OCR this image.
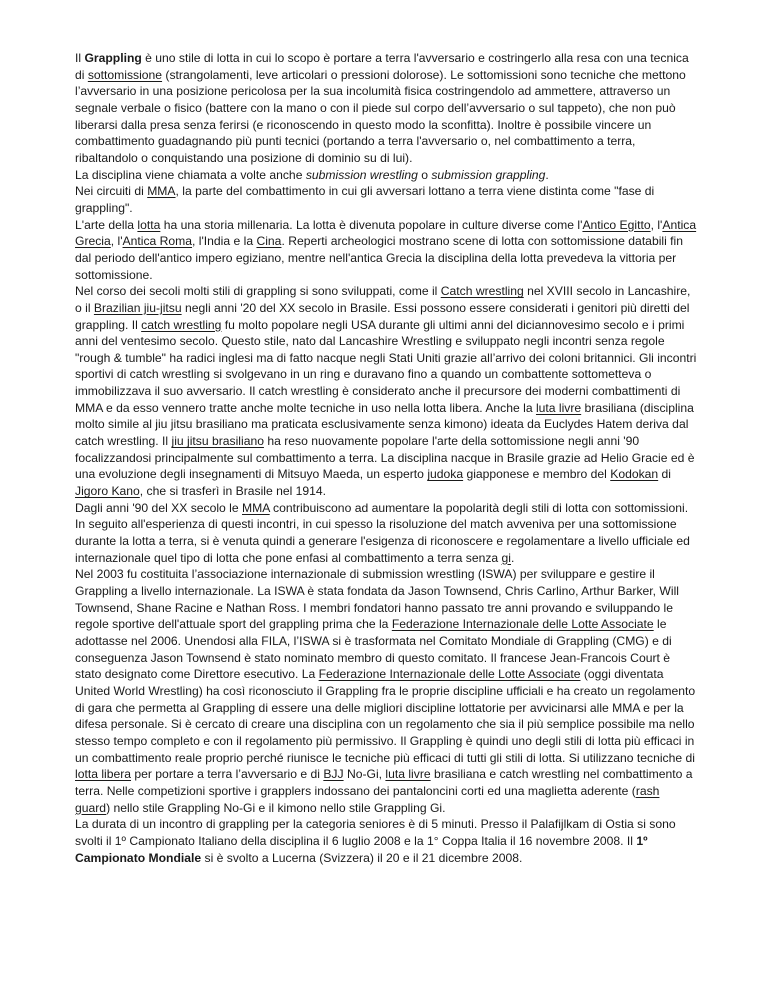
Il Grappling è uno stile di lotta in cui lo scopo è portare a terra l'avversario e costringerlo alla resa con una tecnica di sottomissione (strangolamenti, leve articolari o pressioni dolorose). Le sottomissioni sono tecniche che mettono l’avversario in una posizione pericolosa per la sua incolumità fisica costringendolo ad ammettere, attraverso un segnale verbale o fisico (battere con la mano o con il piede sul corpo dell’avversario o sul tappeto), che non può liberarsi dalla presa senza ferirsi (e riconoscendo in questo modo la sconfitta). Inoltre è possibile vincere un combattimento guadagnando più punti tecnici (portando a terra l'avversario o, nel combattimento a terra, ribaltandolo o conquistando una posizione di dominio su di lui).

La disciplina viene chiamata a volte anche submission wrestling o submission grappling.

Nei circuiti di MMA, la parte del combattimento in cui gli avversari lottano a terra viene distinta come "fase di grappling".

L'arte della lotta ha una storia millenaria. La lotta è divenuta popolare in culture diverse come l'Antico Egitto, l'Antica Grecia, l'Antica Roma, l'India e la Cina. Reperti archeologici mostrano scene di lotta con sottomissione databili fin dal periodo dell'antico impero egiziano, mentre nell'antica Grecia la disciplina della lotta prevedeva la vittoria per sottomissione.

Nel corso dei secoli molti stili di grappling si sono sviluppati, come il Catch wrestling nel XVIII secolo in Lancashire, o il Brazilian jiu-jitsu negli anni '20 del XX secolo in Brasile. Essi possono essere considerati i genitori più diretti del grappling. Il catch wrestling fu molto popolare negli USA durante gli ultimi anni del diciannovesimo secolo e i primi anni del ventesimo secolo. Questo stile, nato dal Lancashire Wrestling e sviluppato negli incontri senza regole "rough & tumble" ha radici inglesi ma di fatto nacque negli Stati Uniti grazie all’arrivo dei coloni britannici. Gli incontri sportivi di catch wrestling si svolgevano in un ring e duravano fino a quando un combattente sottometteva o immobilizzava il suo avversario. Il catch wrestling è considerato anche il precursore dei moderni combattimenti di MMA e da esso vennero tratte anche molte tecniche in uso nella lotta libera. Anche la luta livre brasiliana (disciplina molto simile al jiu jitsu brasiliano ma praticata esclusivamente senza kimono) ideata da Euclydes Hatem deriva dal catch wrestling. Il jiu jitsu brasiliano ha reso nuovamente popolare l'arte della sottomissione negli anni '90 focalizzandosi principalmente sul combattimento a terra. La disciplina nacque in Brasile grazie ad Helio Gracie ed è una evoluzione degli insegnamenti di Mitsuyo Maeda, un esperto judoka giapponese e membro del Kodokan di Jigoro Kano, che si trasferì in Brasile nel 1914.

Dagli anni '90 del XX secolo le MMA contribuiscono ad aumentare la popolarità degli stili di lotta con sottomissioni. In seguito all'esperienza di questi incontri, in cui spesso la risoluzione del match avveniva per una sottomissione durante la lotta a terra, si è venuta quindi a generare l'esigenza di riconoscere e regolamentare a livello ufficiale ed internazionale quel tipo di lotta che pone enfasi al combattimento a terra senza gi.

Nel 2003 fu costituita l’associazione internazionale di submission wrestling (ISWA) per sviluppare e gestire il Grappling a livello internazionale. La ISWA è stata fondata da Jason Townsend, Chris Carlino, Arthur Barker, Will Townsend, Shane Racine e Nathan Ross. I membri fondatori hanno passato tre anni provando e sviluppando le regole sportive dell'attuale sport del grappling prima che la Federazione Internazionale delle Lotte Associate le adottasse nel 2006. Unendosi alla FILA, l’ISWA si è trasformata nel Comitato Mondiale di Grappling (CMG) e di conseguenza Jason Townsend è stato nominato membro di questo comitato. Il francese Jean-Francois Court è stato designato come Direttore esecutivo. La Federazione Internazionale delle Lotte Associate (oggi diventata United World Wrestling) ha così riconosciuto il Grappling fra le proprie discipline ufficiali e ha creato un regolamento di gara che permetta al Grappling di essere una delle migliori discipline lottatorie per avvicinarsi alle MMA e per la difesa personale. Si è cercato di creare una disciplina con un regolamento che sia il più semplice possibile ma nello stesso tempo completo e con il regolamento più permissivo. Il Grappling è quindi uno degli stili di lotta più efficaci in un combattimento reale proprio perché riunisce le tecniche più efficaci di tutti gli stili di lotta. Si utilizzano tecniche di lotta libera per portare a terra l’avversario e di BJJ No-Gi, luta livre brasiliana e catch wrestling nel combattimento a terra. Nelle competizioni sportive i grapplers indossano dei pantaloncini corti ed una maglietta aderente (rash guard) nello stile Grappling No-Gi e il kimono nello stile Grappling Gi.

La durata di un incontro di grappling per la categoria seniores è di 5 minuti. Presso il Palafijlkam di Ostia si sono svolti il 1º Campionato Italiano della disciplina il 6 luglio 2008 e la 1° Coppa Italia il 16 novembre 2008. Il 1º Campionato Mondiale si è svolto a Lucerna (Svizzera) il 20 e il 21 dicembre 2008.
